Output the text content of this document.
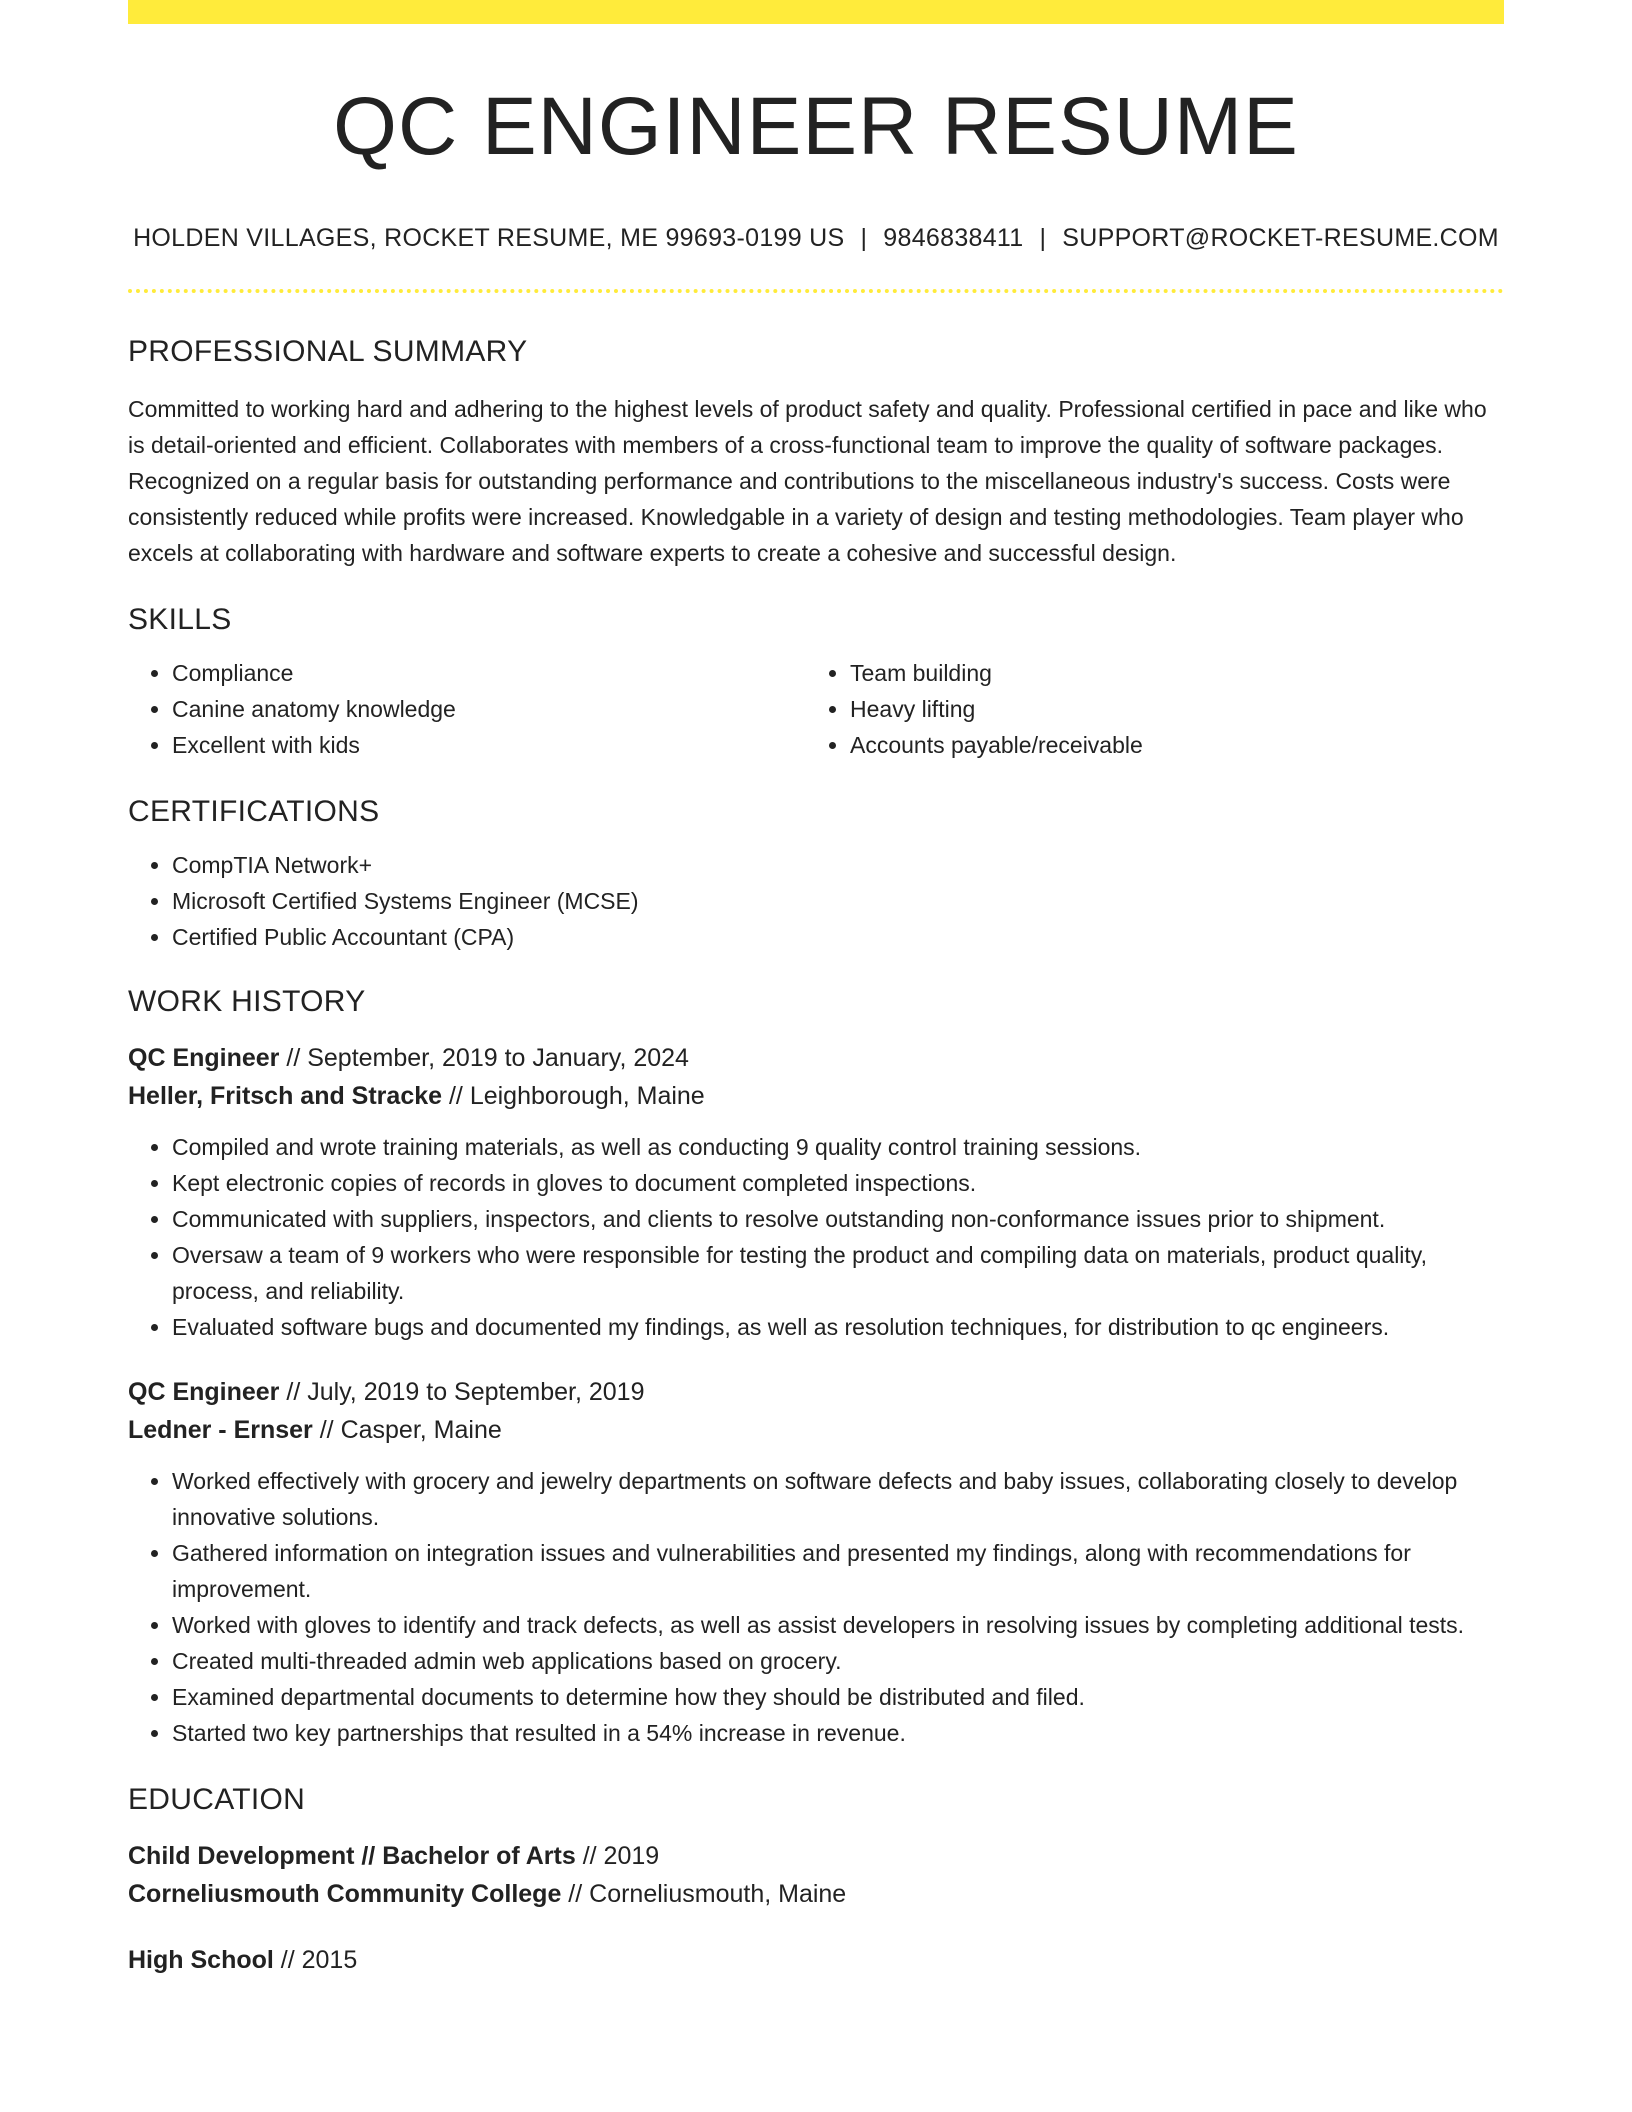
QC ENGINEER RESUME
HOLDEN VILLAGES, ROCKET RESUME, ME 99693-0199 US | 9846838411 | SUPPORT@ROCKET-RESUME.COM
PROFESSIONAL SUMMARY
Committed to working hard and adhering to the highest levels of product safety and quality. Professional certified in pace and like who is detail-oriented and efficient. Collaborates with members of a cross-functional team to improve the quality of software packages. Recognized on a regular basis for outstanding performance and contributions to the miscellaneous industry's success. Costs were consistently reduced while profits were increased. Knowledgable in a variety of design and testing methodologies. Team player who excels at collaborating with hardware and software experts to create a cohesive and successful design.
SKILLS
• Compliance
• Canine anatomy knowledge
• Excellent with kids
• Team building
• Heavy lifting
• Accounts payable/receivable
CERTIFICATIONS
• CompTIA Network+
• Microsoft Certified Systems Engineer (MCSE)
• Certified Public Accountant (CPA)
WORK HISTORY
QC Engineer // September, 2019 to January, 2024
Heller, Fritsch and Stracke // Leighborough, Maine
• Compiled and wrote training materials, as well as conducting 9 quality control training sessions.
• Kept electronic copies of records in gloves to document completed inspections.
• Communicated with suppliers, inspectors, and clients to resolve outstanding non-conformance issues prior to shipment.
• Oversaw a team of 9 workers who were responsible for testing the product and compiling data on materials, product quality, process, and reliability.
• Evaluated software bugs and documented my findings, as well as resolution techniques, for distribution to qc engineers.
QC Engineer // July, 2019 to September, 2019
Ledner - Ernser // Casper, Maine
• Worked effectively with grocery and jewelry departments on software defects and baby issues, collaborating closely to develop innovative solutions.
• Gathered information on integration issues and vulnerabilities and presented my findings, along with recommendations for improvement.
• Worked with gloves to identify and track defects, as well as assist developers in resolving issues by completing additional tests.
• Created multi-threaded admin web applications based on grocery.
• Examined departmental documents to determine how they should be distributed and filed.
• Started two key partnerships that resulted in a 54% increase in revenue.
EDUCATION
Child Development // Bachelor of Arts // 2019
Corneliusmouth Community College // Corneliusmouth, Maine
High School // 2015
